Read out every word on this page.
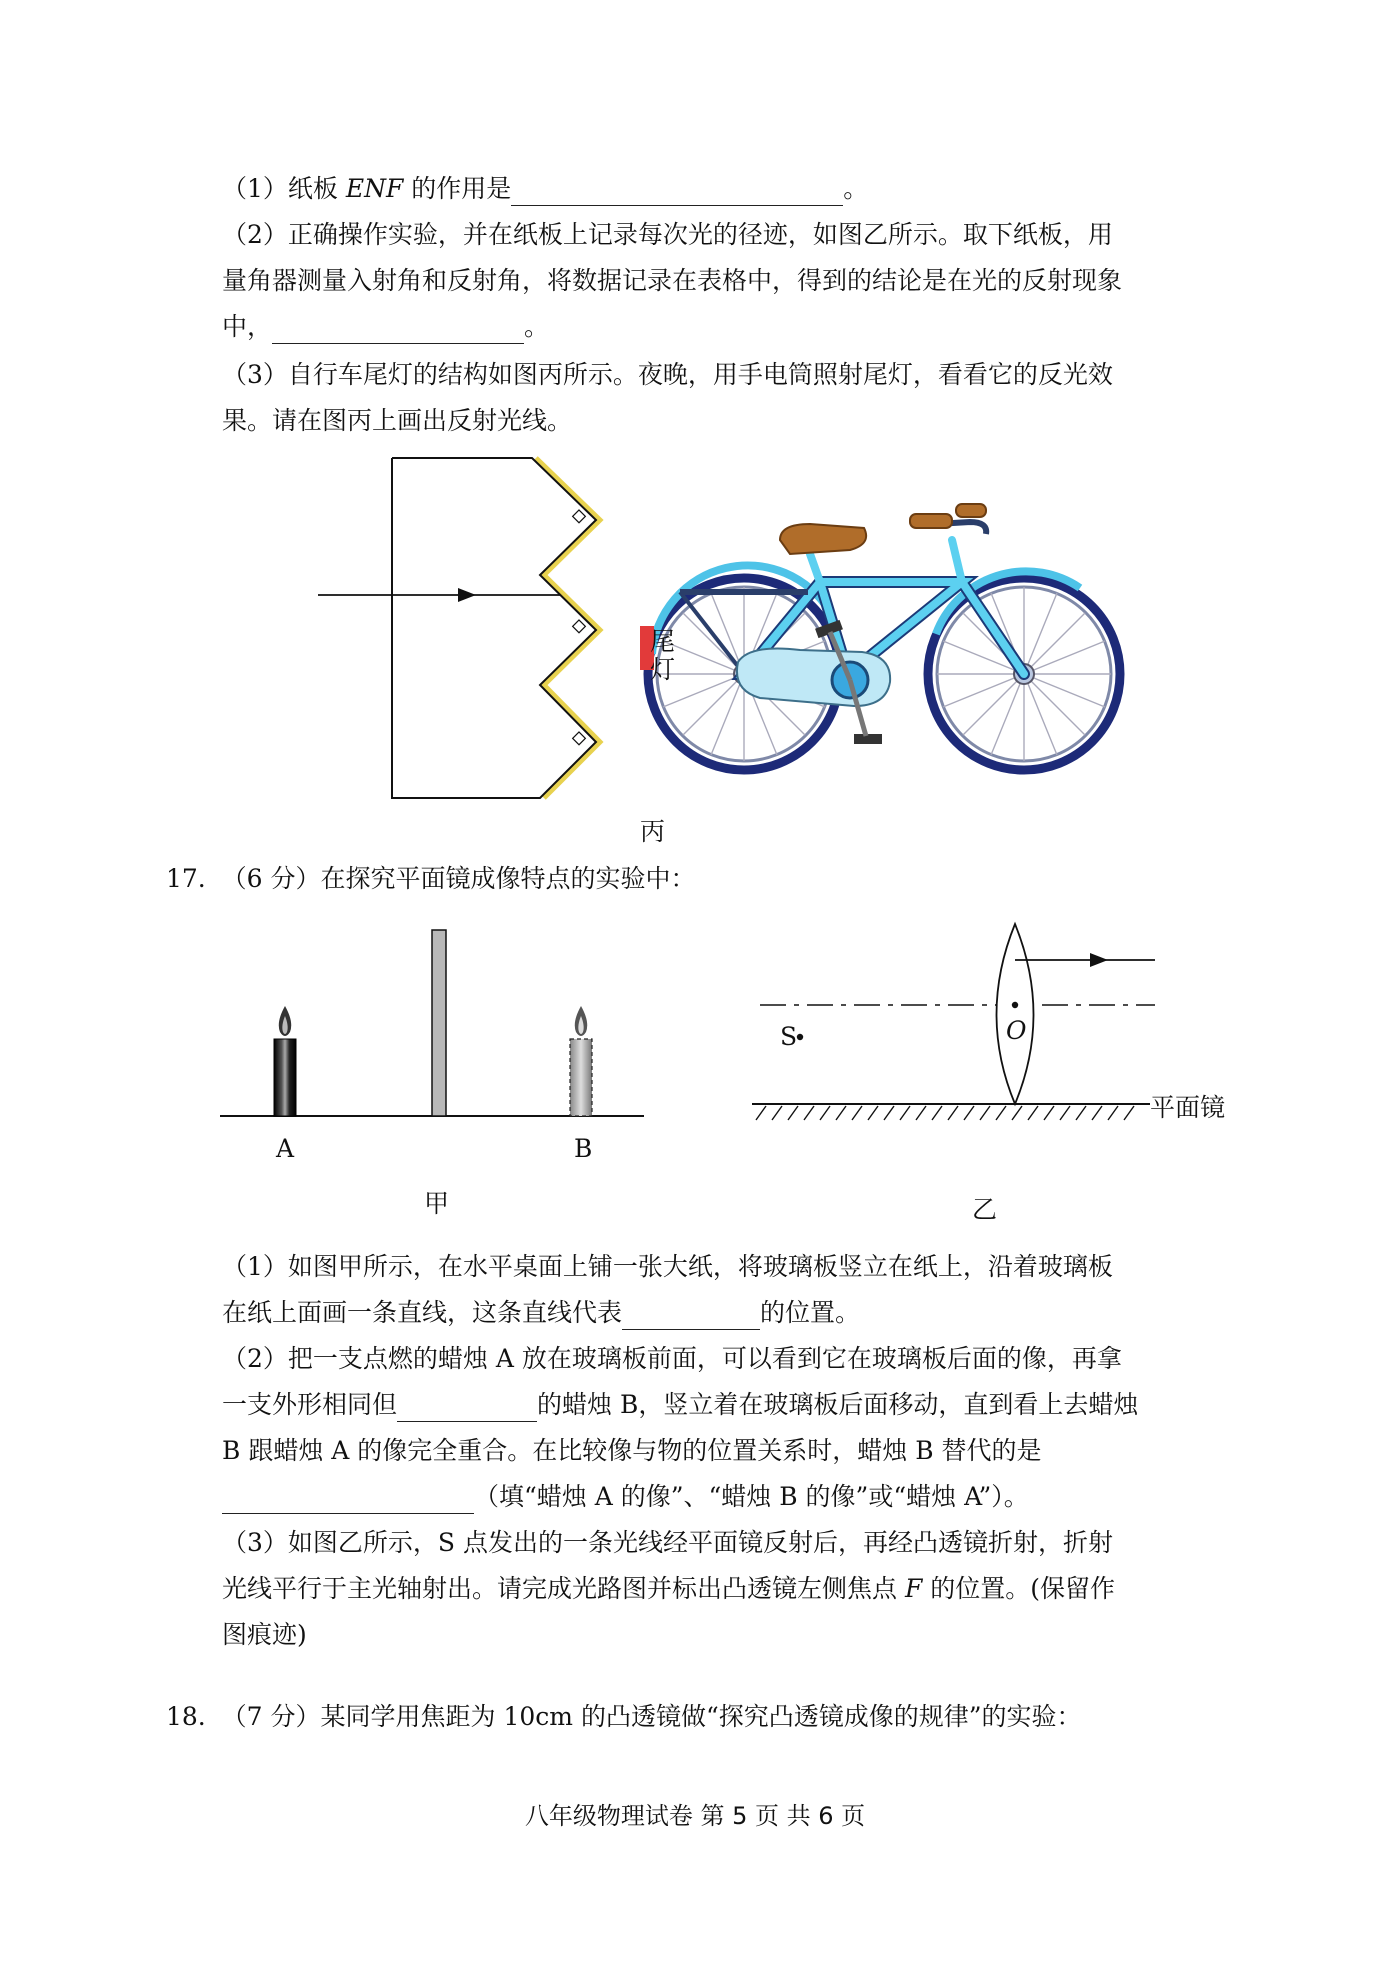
（1）纸板 ENF 的作用是	。
（2）正确操作实验，并在纸板上记录每次光的径迹，如图乙所示。取下纸板，用
量角器测量入射角和反射角，将数据记录在表格中，得到的结论是在光的反射现象
中，	。
（3）自行车尾灯的结构如图丙所示。夜晚，用手电筒照射尾灯，看看它的反光效
果。请在图丙上画出反射光线。
尾
灯
丙
17. （6 分）在探究平面镜成像特点的实验中：
A	B
甲
S	O
平面镜
乙
（1）如图甲所示，在水平桌面上铺一张大纸，将玻璃板竖立在纸上，沿着玻璃板
在纸上面画一条直线，这条直线代表	的位置。
（2）把一支点燃的蜡烛 A 放在玻璃板前面，可以看到它在玻璃板后面的像，再拿
一支外形相同但	的蜡烛 B，竖立着在玻璃板后面移动，直到看上去蜡烛
B 跟蜡烛 A 的像完全重合。在比较像与物的位置关系时，蜡烛 B 替代的是
（填“蜡烛 A 的像”、“蜡烛 B 的像”或“蜡烛 A”）。
（3）如图乙所示，S 点发出的一条光线经平面镜反射后，再经凸透镜折射，折射
光线平行于主光轴射出。请完成光路图并标出凸透镜左侧焦点 F 的位置。(保留作
图痕迹)
18. （7 分）某同学用焦距为 10cm 的凸透镜做“探究凸透镜成像的规律”的实验：
八年级物理试卷 第 5 页 共 6 页
